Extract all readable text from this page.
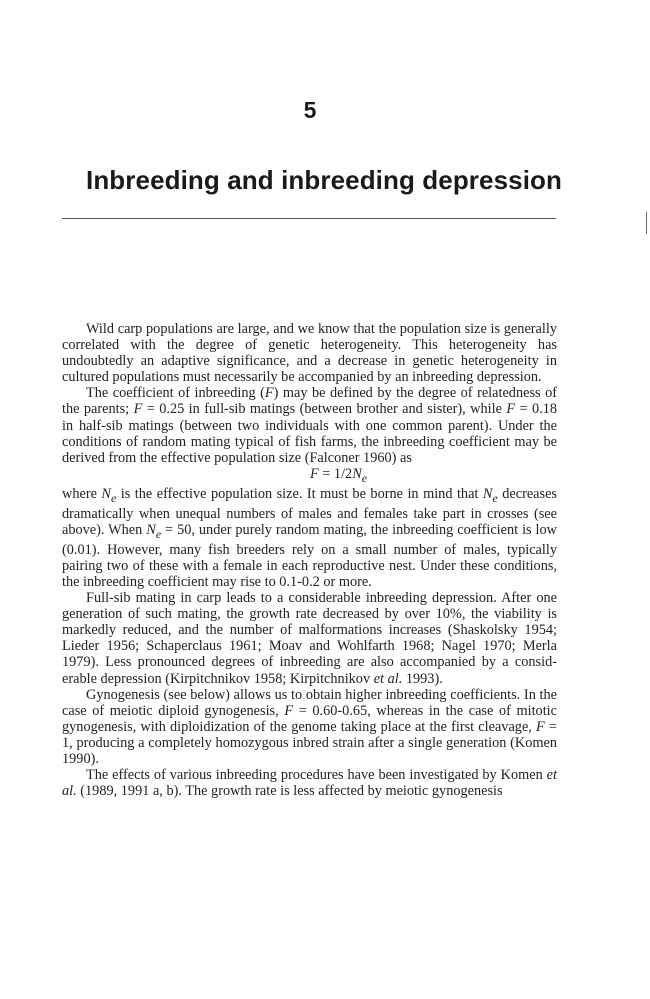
5
Inbreeding and inbreeding depression

Wild carp populations are large, and we know that the population size is generally correlated with the degree of genetic heterogeneity. This heterogeneity has undoubtedly an adaptive significance, and a decrease in genetic heterogeneity in cultured populations must necessarily be accompanied by an inbreeding depression.

The coefficient of inbreeding (F) may be defined by the degree of relatedness of the parents; F = 0.25 in full-sib matings (between brother and sister), while F = 0.18 in half-sib matings (between two individuals with one common parent). Under the conditions of random mating typical of fish farms, the inbreeding coefficient may be derived from the effective population size (Falconer 1960) as

$F = 1/2N_e$

where $N_e$ is the effective population size. It must be borne in mind that $N_e$ decreases dramatically when unequal numbers of males and females take part in crosses (see above). When $N_e = 50$, under purely random mating, the inbreeding coefficient is low (0.01). However, many fish breeders rely on a small number of males, typically pairing two of these with a female in each reproductive nest. Under these conditions, the inbreeding coefficient may rise to 0.1-0.2 or more.

Full-sib mating in carp leads to a considerable inbreeding depression. After one generation of such mating, the growth rate decreased by over 10%, the viability is markedly reduced, and the number of malformations increases (Shaskolsky 1954; Lieder 1956; Schaperclaus 1961; Moav and Wohlfarth 1968; Nagel 1970; Merla 1979). Less pronounced degrees of inbreeding are also accompanied by a considerable depression (Kirpitchnikov 1958; Kirpitchnikov et al. 1993).

Gynogenesis (see below) allows us to obtain higher inbreeding coefficients. In the case of meiotic diploid gynogenesis, F = 0.60-0.65, whereas in the case of mitotic gynogenesis, with diploidization of the genome taking place at the first cleavage, F = 1, producing a completely homozygous inbred strain after a single generation (Komen 1990).

The effects of various inbreeding procedures have been investigated by Komen et al. (1989, 1991 a, b). The growth rate is less affected by meiotic gynogenesis
